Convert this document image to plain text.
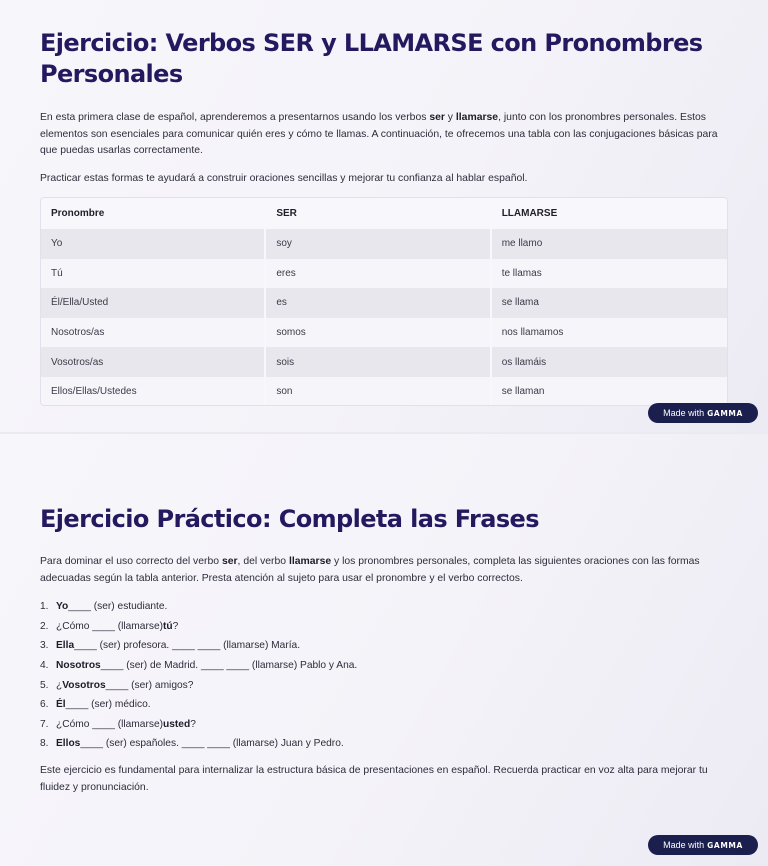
Ejercicio: Verbos SER y LLAMARSE con Pronombres Personales

En esta primera clase de español, aprenderemos a presentarnos usando los verbos ser y llamarse, junto con los pronombres personales. Estos elementos son esenciales para comunicar quién eres y cómo te llamas. A continuación, te ofrecemos una tabla con las conjugaciones básicas para que puedas usarlas correctamente.

Practicar estas formas te ayudará a construir oraciones sencillas y mejorar tu confianza al hablar español.

Pronombre	SER	LLAMARSE
Yo	soy	me llamo
Tú	eres	te llamas
Él/Ella/Usted	es	se llama
Nosotros/as	somos	nos llamamos
Vosotros/as	sois	os llamáis
Ellos/Ellas/Ustedes	son	se llaman
Made with GAMMA
Ejercicio Práctico: Completa las Frases

Para dominar el uso correcto del verbo ser, del verbo llamarse y los pronombres personales, completa las siguientes oraciones con las formas adecuadas según la tabla anterior. Presta atención al sujeto para usar el pronombre y el verbo correctos.

1. Yo ____ (ser) estudiante.
2. ¿Cómo ____ (llamarse) tú ?
3. Ella ____ (ser) profesora. ____ ____ (llamarse) María.
4. Nosotros ____ (ser) de Madrid. ____ ____ (llamarse) Pablo y Ana.
5. ¿ Vosotros ____ (ser) amigos?
6. Él ____ (ser) médico.
7. ¿Cómo ____ (llamarse) usted ?
8. Ellos ____ (ser) españoles. ____ ____ (llamarse) Juan y Pedro.

Este ejercicio es fundamental para internalizar la estructura básica de presentaciones en español. Recuerda practicar en voz alta para mejorar tu fluidez y pronunciación.

Made with GAMMA
